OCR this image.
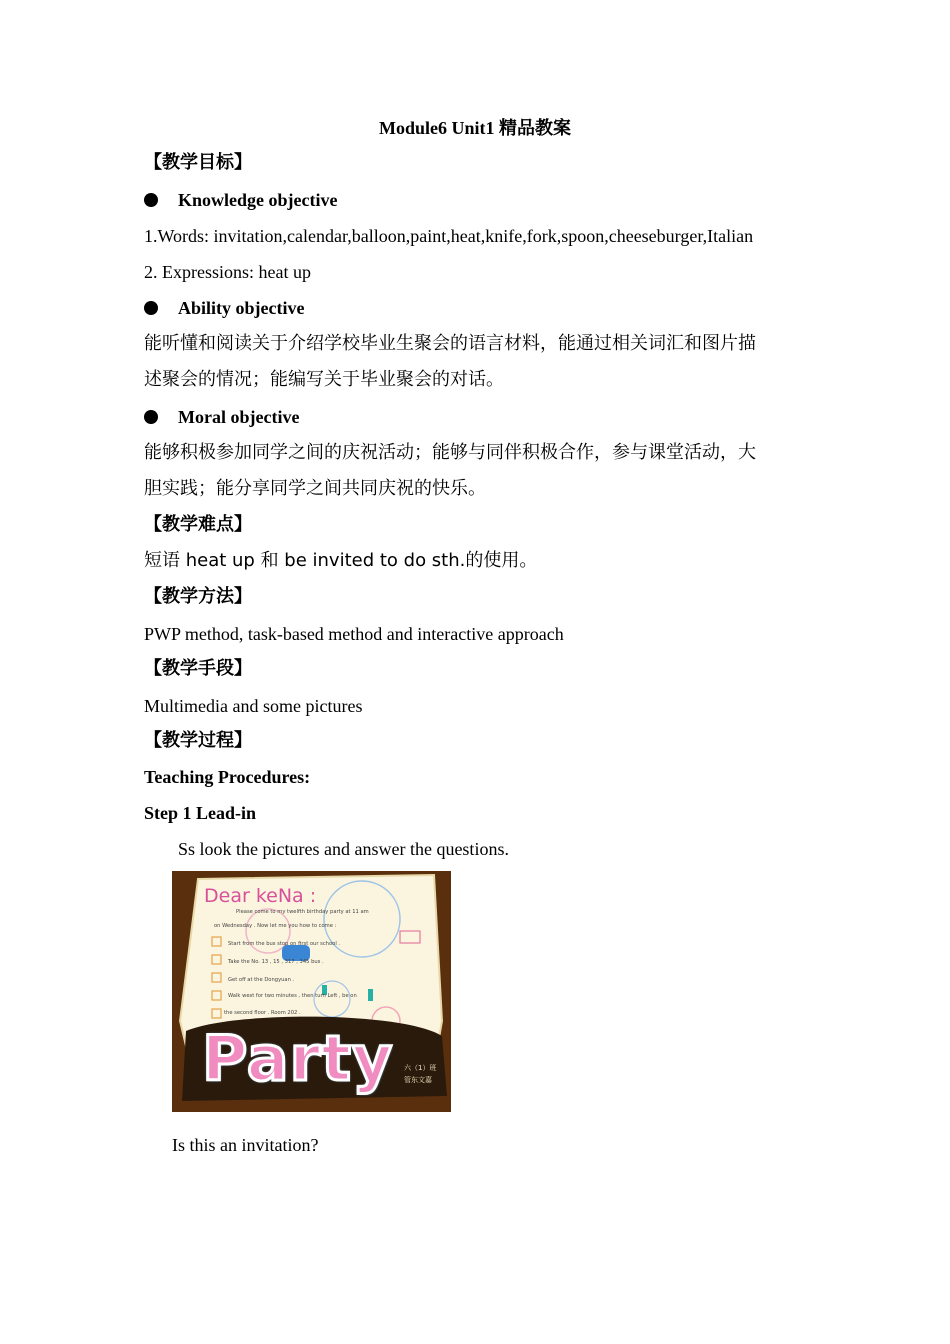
Module6 Unit1 精品教案
【教学目标】
Knowledge objective
1.Words: invitation,calendar,balloon,paint,heat,knife,fork,spoon,cheeseburger,Italian
2. Expressions: heat up
Ability objective
能听懂和阅读关于介绍学校毕业生聚会的语言材料，能通过相关词汇和图片描
述聚会的情况；能编写关于毕业聚会的对话。
Moral objective
能够积极参加同学之间的庆祝活动；能够与同伴积极合作，参与课堂活动，大
胆实践；能分享同学之间共同庆祝的快乐。
【教学难点】
短语 heat up 和 be invited to do sth.的使用。
【教学方法】
PWP method, task-based method and interactive approach
【教学手段】
Multimedia and some pictures
【教学过程】
Teaching Procedures:
Step 1 Lead-in
Ss look the pictures and answer the questions.
Dear keNa :
Please come to my twelfth birthday party at 11 am
on Wednesday . Now let me you how to come :
Start from the bus stop on first our school .
Take the No. 13 , 15 , 317 , 345 bus .
Get off at the Dongyuan .
Walk west for two minutes , then turn Left , be on
the second floor . Room 202 .
Party 六（1）班
管东文嘉
Is this an invitation?
